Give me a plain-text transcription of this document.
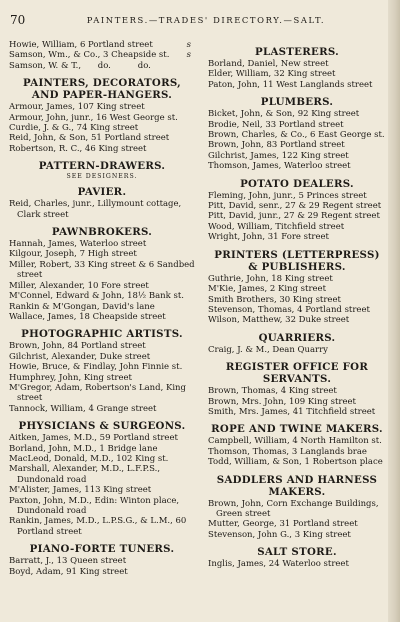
70	PAINTERS.—TRADES' DIRECTORY.—SALT.
Howie, William, 6 Portland street	s
Samson, Wm., & Co., 3 Cheapside st. s
Samson, W. & T., do.	do.
PAINTERS, DECORATORS, AND PAPER-HANGERS.
Armour, James, 107 King street
Armour, John, junr., 16 West George st.
Curdie, J. & G., 74 King street
Reid, John, & Son, 51 Portland street
Robertson, R. C., 46 King street
PATTERN-DRAWERS.
SEE DESIGNERS.
PAVIER.
Reid, Charles, junr., Lillymount cottage, Clark street
PAWNBROKERS.
Hannah, James, Waterloo street
Kilgour, Joseph, 7 High street
Miller, Robert, 33 King street & 6 Sandbed street
Miller, Alexander, 10 Fore street
M'Connel, Edward & John, 18½ Bank st.
Rankin & M'Gongan, David's lane
Wallace, James, 18 Cheapside street
PHOTOGRAPHIC ARTISTS.
Brown, John, 84 Portland street
Gilchrist, Alexander, Duke street
Howie, Bruce, & Findlay, John Finnie st.
Humphrey, John, King street
M'Gregor, Adam, Robertson's Land, King street
Tannock, William, 4 Grange street
PHYSICIANS & SURGEONS.
Aitken, James, M.D., 59 Portland street
Borland, John, M.D., 1 Bridge lane
MacLeod, Donald, M.D., 102 King st.
Marshall, Alexander, M.D., L.F.P.S., Dundonald road
M'Alister, James, 113 King street
Paxton, John, M.D., Edin: Winton place, Dundonald road
Rankin, James, M.D., L.P.S.G., & L.M., 60 Portland street
PIANO-FORTE TUNERS.
Barratt, J., 13 Queen street
Boyd, Adam, 91 King street
PLASTERERS.
Borland, Daniel, New street
Elder, William, 32 King street
Paton, John, 11 West Langlands street
PLUMBERS.
Bicket, John, & Son, 92 King street
Brodie, Neil, 33 Portland street
Brown, Charles, & Co., 6 East George st.
Brown, John, 83 Portland street
Gilchrist, James, 122 King street
Thomson, James, Waterloo street
POTATO DEALERS.
Fleming, John, junr., 5 Princes street
Pitt, David, senr., 27 & 29 Regent street
Pitt, David, junr., 27 & 29 Regent street
Wood, William, Titchfield street
Wright, John, 31 Fore street
PRINTERS (LETTERPRESS) & PUBLISHERS.
Guthrie, John, 18 King street
M'Kie, James, 2 King street
Smith Brothers, 30 King street
Stevenson, Thomas, 4 Portland street
Wilson, Matthew, 32 Duke street
QUARRIERS.
Craig, J. & M., Dean Quarry
REGISTER OFFICE FOR SERVANTS.
Brown, Thomas, 4 King street
Brown, Mrs. John, 109 King street
Smith, Mrs. James, 41 Titchfield street
ROPE AND TWINE MAKERS.
Campbell, William, 4 North Hamilton st.
Thomson, Thomas, 3 Langlands brae
Todd, William, & Son, 1 Robertson place
SADDLERS AND HARNESS MAKERS.
Brown, John, Corn Exchange Buildings, Green street
Mutter, George, 31 Portland street
Stevenson, John G., 3 King street
SALT STORE.
Inglis, James, 24 Waterloo street
